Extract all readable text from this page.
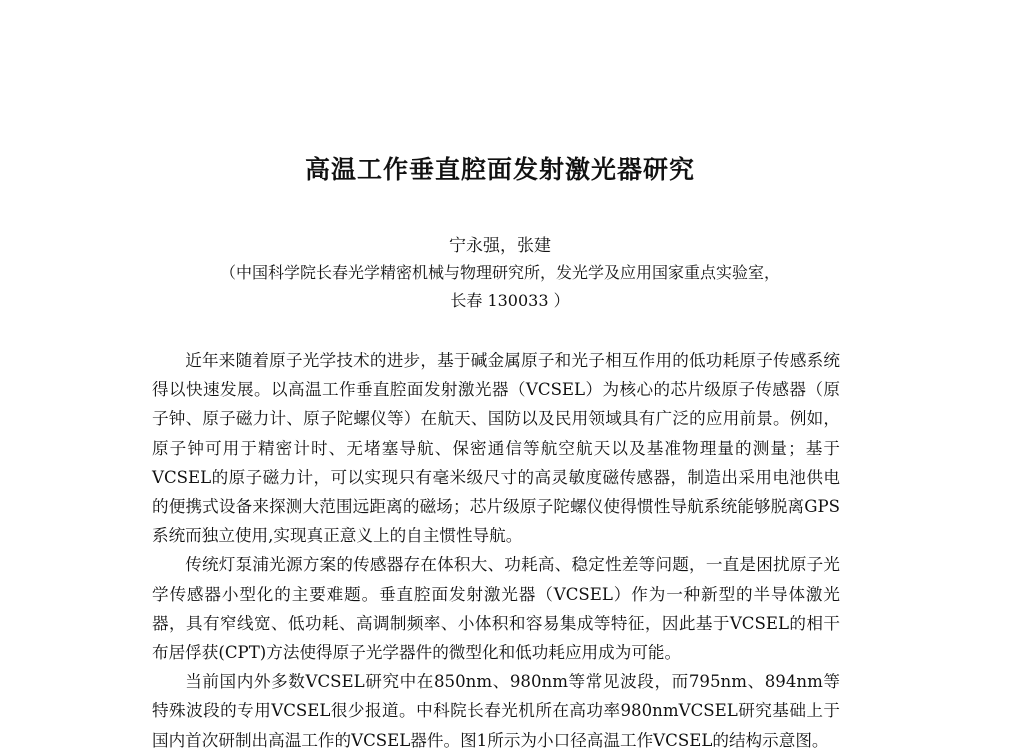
高温工作垂直腔面发射激光器研究
宁永强，张建
（中国科学院长春光学精密机械与物理研究所，发光学及应用国家重点实验室，
长春 130033 ）

近年来随着原子光学技术的进步，基于碱金属原子和光子相互作用的低功耗原子传感系统得以快速发展。以高温工作垂直腔面发射激光器（VCSEL）为核心的芯片级原子传感器（原子钟、原子磁力计、原子陀螺仪等）在航天、国防以及民用领域具有广泛的应用前景。例如，原子钟可用于精密计时、无堵塞导航、保密通信等航空航天以及基准物理量的测量；基于VCSEL的原子磁力计，可以实现只有毫米级尺寸的高灵敏度磁传感器，制造出采用电池供电的便携式设备来探测大范围远距离的磁场；芯片级原子陀螺仪使得惯性导航系统能够脱离GPS系统而独立使用,实现真正意义上的自主惯性导航。

传统灯泵浦光源方案的传感器存在体积大、功耗高、稳定性差等问题，一直是困扰原子光学传感器小型化的主要难题。垂直腔面发射激光器（VCSEL）作为一种新型的半导体激光器，具有窄线宽、低功耗、高调制频率、小体积和容易集成等特征，因此基于VCSEL的相干布居俘获(CPT)方法使得原子光学器件的微型化和低功耗应用成为可能。

当前国内外多数VCSEL研究中在850nm、980nm等常见波段，而795nm、894nm等特殊波段的专用VCSEL很少报道。中科院长春光机所在高功率980nmVCSEL研究基础上于国内首次研制出高温工作的VCSEL器件。图1所示为小口径高温工作VCSEL的结构示意图。
